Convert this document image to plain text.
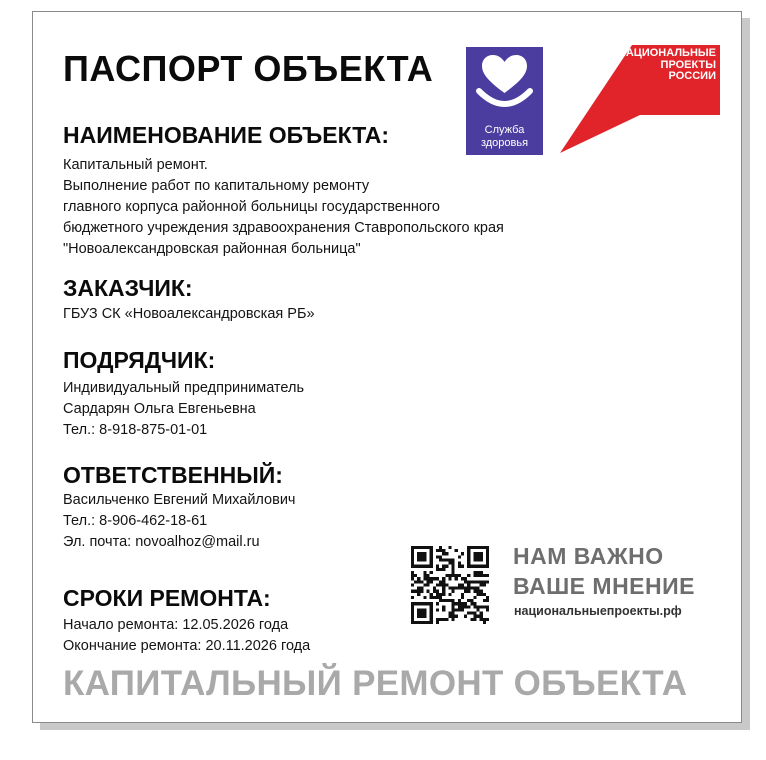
ПАСПОРТ ОБЪЕКТА
Служба
здоровья
НАЦИОНАЛЬНЫЕ
ПРОЕКТЫ
РОССИИ
НАИМЕНОВАНИЕ ОБЪЕКТА:
Капитальный ремонт.
Выполнение работ по капитальному ремонту
главного корпуса районной больницы государственного
бюджетного учреждения здравоохранения Ставропольского края
"Новоалександровская районная больница"
ЗАКАЗЧИК:
ГБУЗ СК «Новоалександровская РБ»
ПОДРЯДЧИК:
Индивидуальный предприниматель
Сардарян Ольга Евгеньевна
Тел.: 8-918-875-01-01
ОТВЕТСТВЕННЫЙ:
Васильченко Евгений Михайлович
Тел.: 8-906-462-18-61
Эл. почта: novoalhoz@mail.ru
СРОКИ РЕМОНТА:
Начало ремонта: 12.05.2026 года
Окончание ремонта: 20.11.2026 года
НАМ ВАЖНО
ВАШЕ МНЕНИЕ
национальныепроекты.рф
КАПИТАЛЬНЫЙ РЕМОНТ ОБЪЕКТА
